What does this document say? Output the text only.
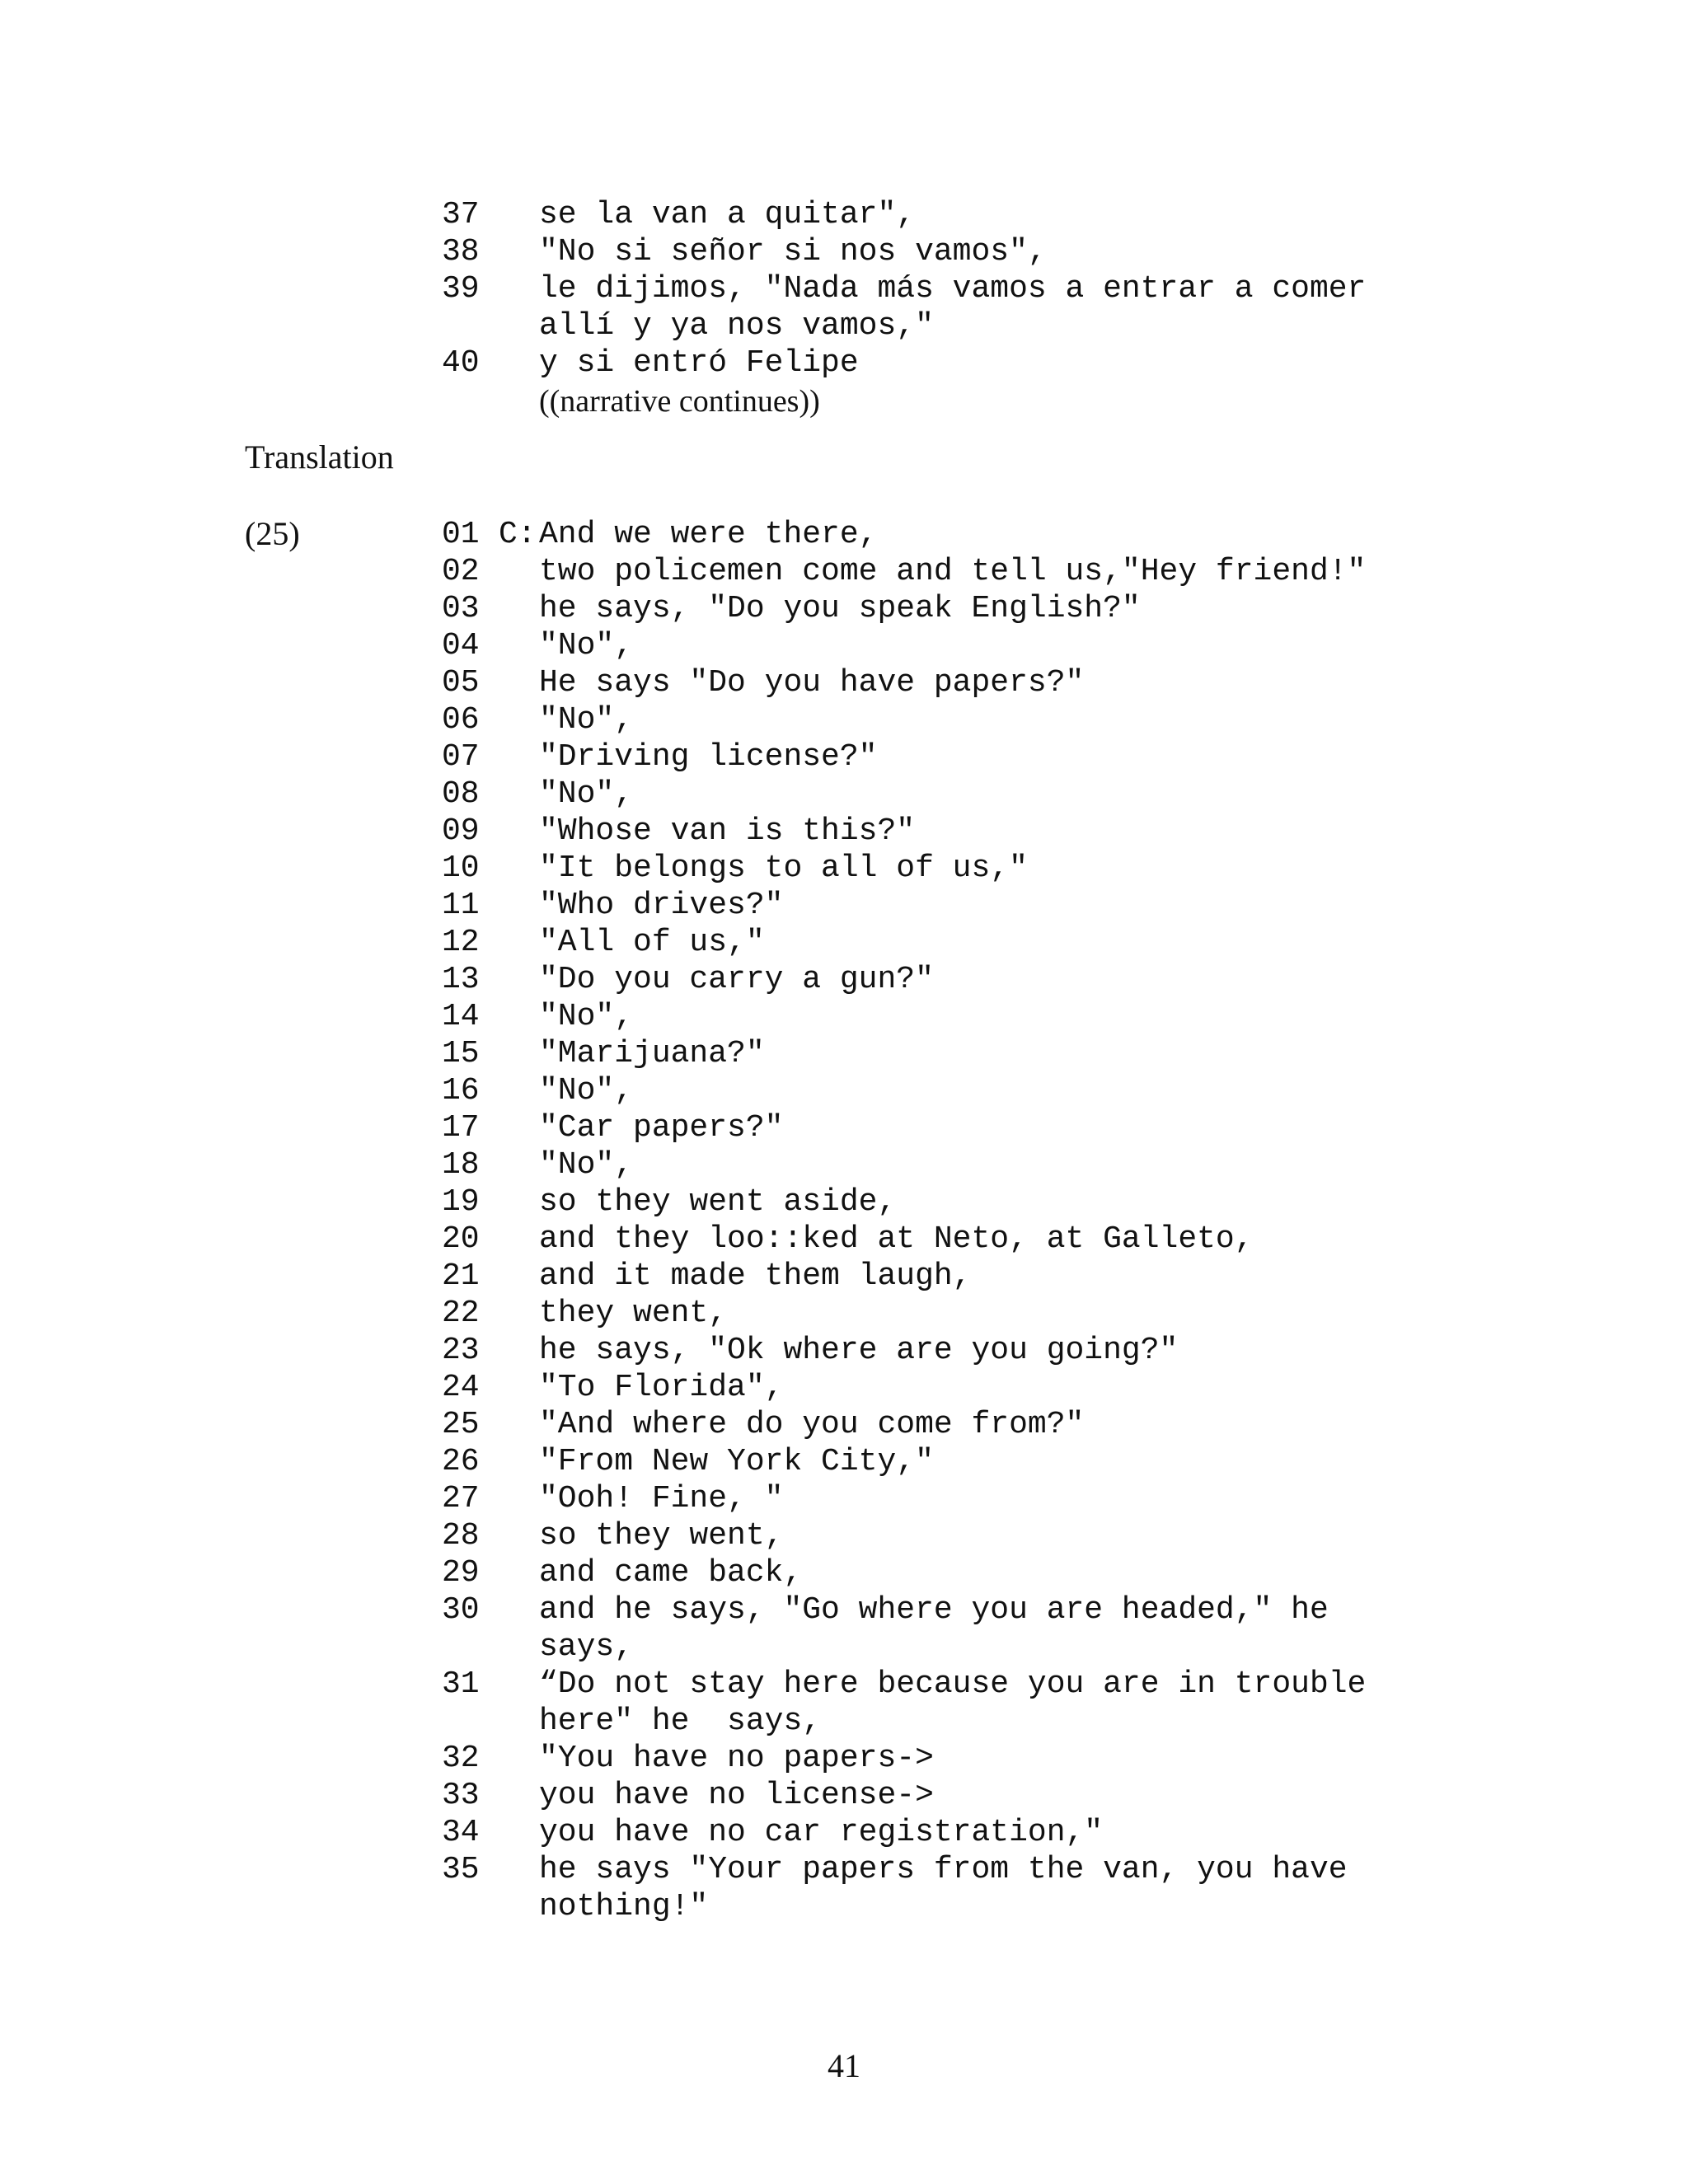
37

se la van a quitar",

38

"No si señor si nos vamos",

39

le dijimos, "Nada más vamos a entrar a comer

allí y ya nos vamos,"

40

y si entró Felipe

((narrative continues))
Translation
(25)

	01

C:

And we were there,

02 two policemen come and tell us,"Hey friend!"
03 he says, "Do you speak English?"
04 "No",
05 He says "Do you have papers?"
06 "No",
07 "Driving license?"
08 "No",
09 "Whose van is this?"
10 "It belongs to all of us,"
11 "Who drives?"
12 "All of us,"
13 "Do you carry a gun?"
14 "No",
15 "Marijuana?"
16 "No",
17 "Car papers?"
18 "No",
19 so they went aside,
20 and they loo::ked at Neto, at Galleto,
21 and it made them laugh,
22 they went,
23 he says, "Ok where are you going?"
24 "To Florida",
25 "And where do you come from?"
26 "From New York City,"
27 "Ooh! Fine, "
28 so they went,
29 and came back,
30 and he says, "Go where you are headed," he
says,
31 “Do not stay here because you are in trouble
here" he  says,
32 "You have no papers->
33 you have no license->
34 you have no car registration,"
35 he says "Your papers from the van, you have
nothing!"
41
